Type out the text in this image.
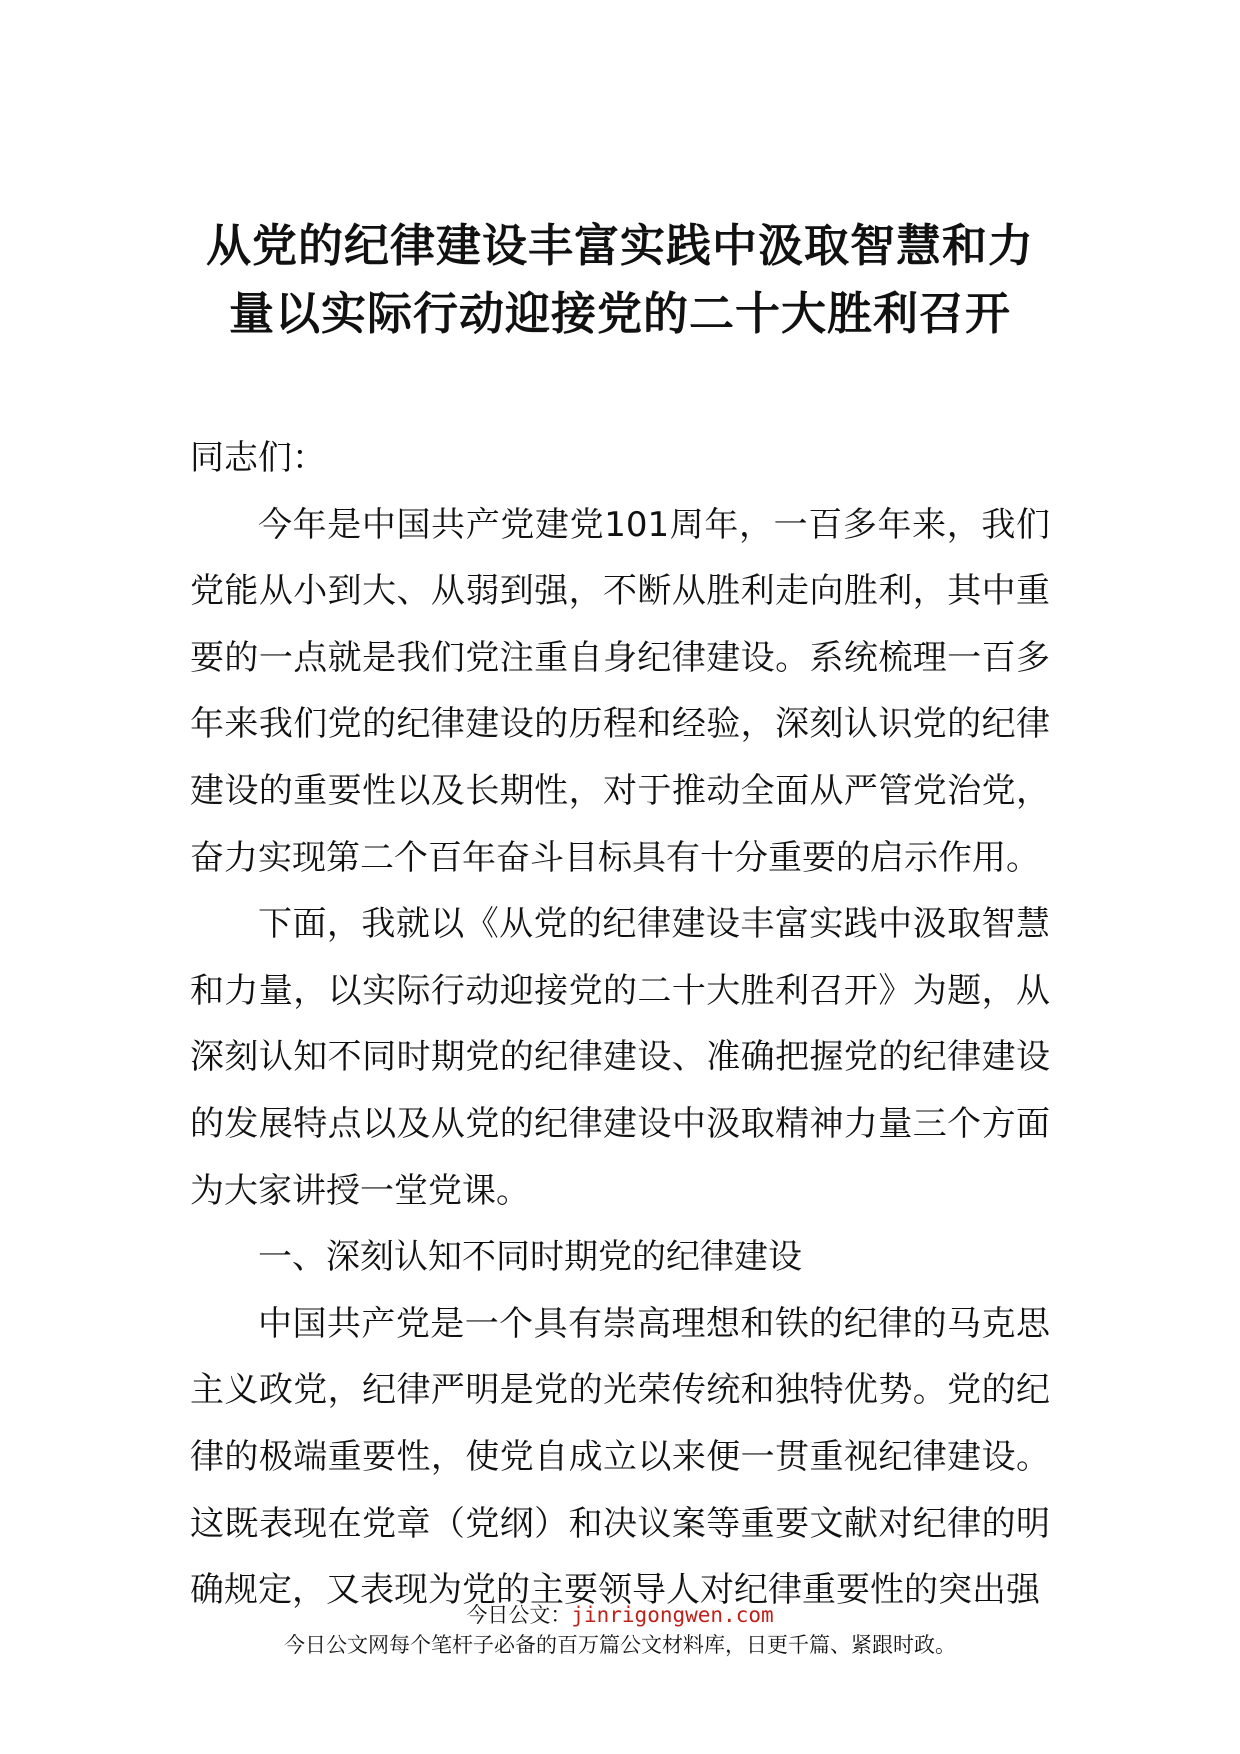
从党的纪律建设丰富实践中汲取智慧和力
量以实际行动迎接党的二十大胜利召开

同志们：

今年是中国共产党建党101周年，一百多年来，我们党能从小到大、从弱到强，不断从胜利走向胜利，其中重要的一点就是我们党注重自身纪律建设。系统梳理一百多年来我们党的纪律建设的历程和经验，深刻认识党的纪律建设的重要性以及长期性，对于推动全面从严管党治党，奋力实现第二个百年奋斗目标具有十分重要的启示作用。

下面，我就以《从党的纪律建设丰富实践中汲取智慧和力量，以实际行动迎接党的二十大胜利召开》为题，从深刻认知不同时期党的纪律建设、准确把握党的纪律建设的发展特点以及从党的纪律建设中汲取精神力量三个方面为大家讲授一堂党课。

一、深刻认知不同时期党的纪律建设

中国共产党是一个具有崇高理想和铁的纪律的马克思主义政党，纪律严明是党的光荣传统和独特优势。党的纪律的极端重要性，使党自成立以来便一贯重视纪律建设。这既表现在党章（党纲）和决议案等重要文献对纪律的明确规定，又表现为党的主要领导人对纪律重要性的突出强

今日公文：jinrigongwen.com
今日公文网每个笔杆子必备的百万篇公文材料库，日更千篇、紧跟时政。
